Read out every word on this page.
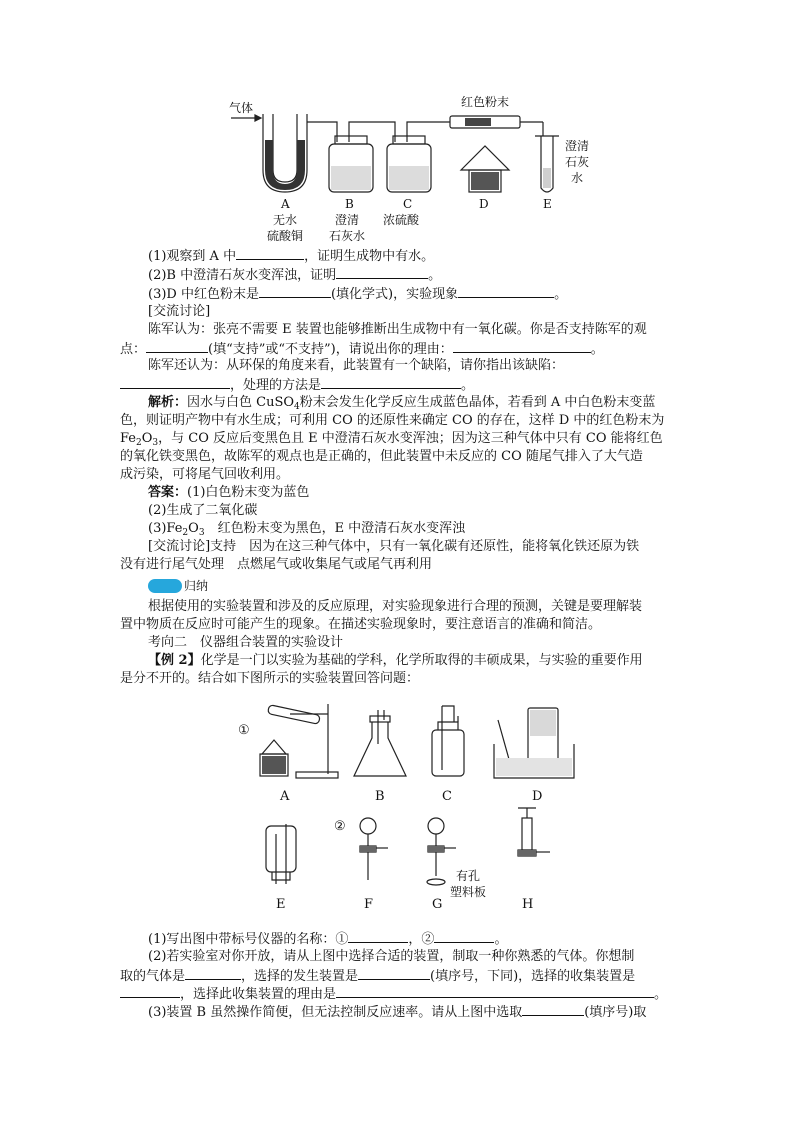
气体	红色粉末
澄清
石灰
水
A	B	C	D	E
无水
硫酸铜
澄清
石灰水
浓硫酸
(1)观察到 A 中	，证明生成物中有水。
(2)B 中澄清石灰水变浑浊，证明	。
(3)D 中红色粉末是	(填化学式)，实验现象	。
[交流讨论]
陈军认为：张亮不需要 E 装置也能够推断出生成物中有一氧化碳。你是否支持陈军的观
点：	(填“支持”或“不支持”)，请说出你的理由：	。
陈军还认为：从环保的角度来看，此装置有一个缺陷，请你指出该缺陷：
，处理的方法是	。
解析：因水与白色 CuSO$_4$粉末会发生化学反应生成蓝色晶体，若看到 A 中白色粉末变蓝
色，则证明产物中有水生成；可利用 CO 的还原性来确定 CO 的存在，这样 D 中的红色粉末为
$Fe_2O_3$，与 CO 反应后变黑色且 E 中澄清石灰水变浑浊；因为这三种气体中只有 CO 能将红色
的氧化铁变黑色，故陈军的观点也是正确的，但此装置中未反应的 CO 随尾气排入了大气造
成污染，可将尾气回收利用。
答案：(1)白色粉末变为蓝色
(2)生成了二氧化碳
$(3)Fe_2O_3$　红色粉末变为黑色，E 中澄清石灰水变浑浊
[交流讨论]支持　因为在这三种气体中，只有一氧化碳有还原性，能将氧化铁还原为铁
没有进行尾气处理　点燃尾气或收集尾气或尾气再利用
归纳
根据使用的实验装置和涉及的反应原理，对实验现象进行合理的预测，关键是要理解装
置中物质在反应时可能产生的现象。在描述实验现象时，要注意语言的准确和简洁。
考向二　仪器组合装置的实验设计
【例 2】化学是一门以实验为基础的学科，化学所取得的丰硕成果，与实验的重要作用
是分不开的。结合如下图所示的实验装置回答问题：
①
②
A	B	C	D
E	F	G	H
有孔
塑料板
(1)写出图中带标号仪器的名称：①	，②	。
(2)若实验室对你开放，请从上图中选择合适的装置，制取一种你熟悉的气体。你想制
取的气体是	，选择的发生装置是	(填序号，下同)，选择的收集装置是
，选择此收集装置的理由是	。
(3)装置 B 虽然操作简便，但无法控制反应速率。请从上图中选取	(填序号)取
